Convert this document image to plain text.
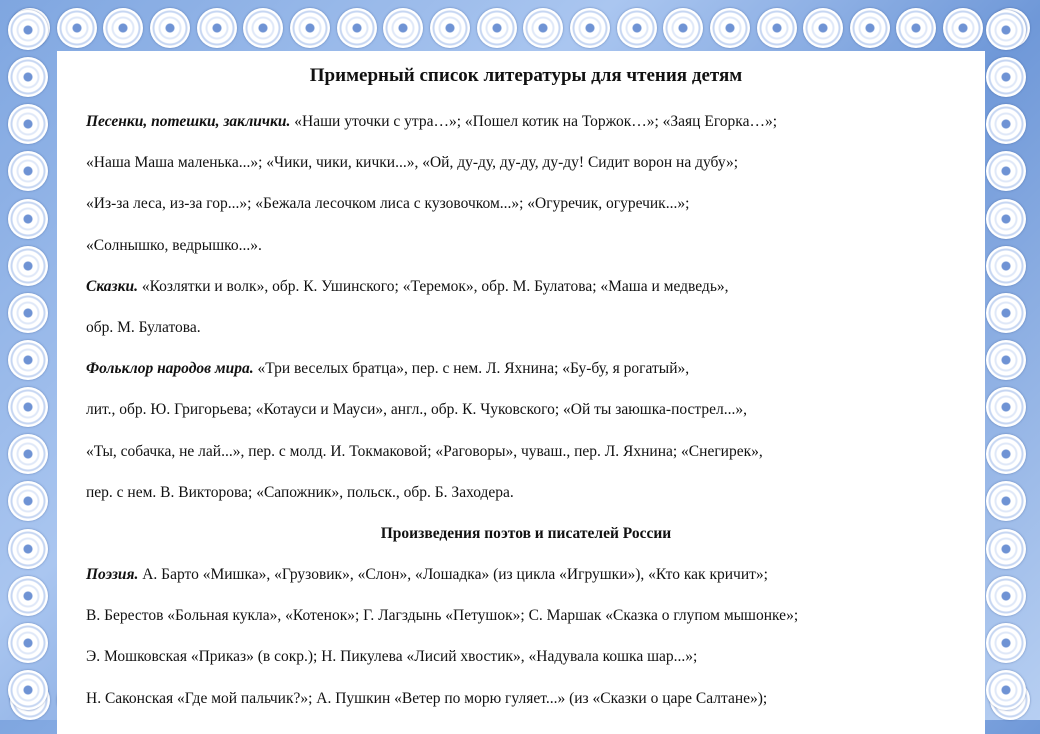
Примерный список литературы для чтения детям
Песенки, потешки, заклички. «Наши уточки с утра…»; «Пошел котик на Торжок…»; «Заяц Егорка…»;
«Наша Маша маленька...»; «Чики, чики, кички...», «Ой, ду-ду, ду-ду, ду-ду! Сидит ворон на дубу»;
«Из-за леса, из-за гор...»; «Бежала лесочком лиса с кузовочком...»; «Огуречик, огуречик...»;
«Солнышко, ведрышко...».
Сказки. «Козлятки и волк», обр. К. Ушинского; «Теремок», обр. М. Булатова; «Маша и медведь»,
обр. М. Булатова.
Фольклор народов мира. «Три веселых братца», пер. с нем. Л. Яхнина; «Бу-бу, я рогатый»,
лит., обр. Ю. Григорьева; «Котауси и Мауси», англ., обр. К. Чуковского; «Ой ты заюшка-пострел...»,
«Ты, собачка, не лай...», пер. с молд. И. Токмаковой; «Раговоры», чуваш., пер. Л. Яхнина; «Снегирек»,
пер. с нем. В. Викторова; «Сапожник», польск., обр. Б. Заходера.
Произведения поэтов и писателей России
Поэзия. А. Барто «Мишка», «Грузовик», «Слон», «Лошадка» (из цикла «Игрушки»), «Кто как кричит»;
В. Берестов «Больная кукла», «Котенок»; Г. Лагздынь «Петушок»; С. Маршак «Сказка о глупом мышонке»;
Э. Мошковская «Приказ» (в сокр.); Н. Пикулева «Лисий хвостик», «Надувала кошка шар...»;
Н. Саконская «Где мой пальчик?»; А. Пушкин «Ветер по морю гуляет...» (из «Сказки о царе Салтане»);
